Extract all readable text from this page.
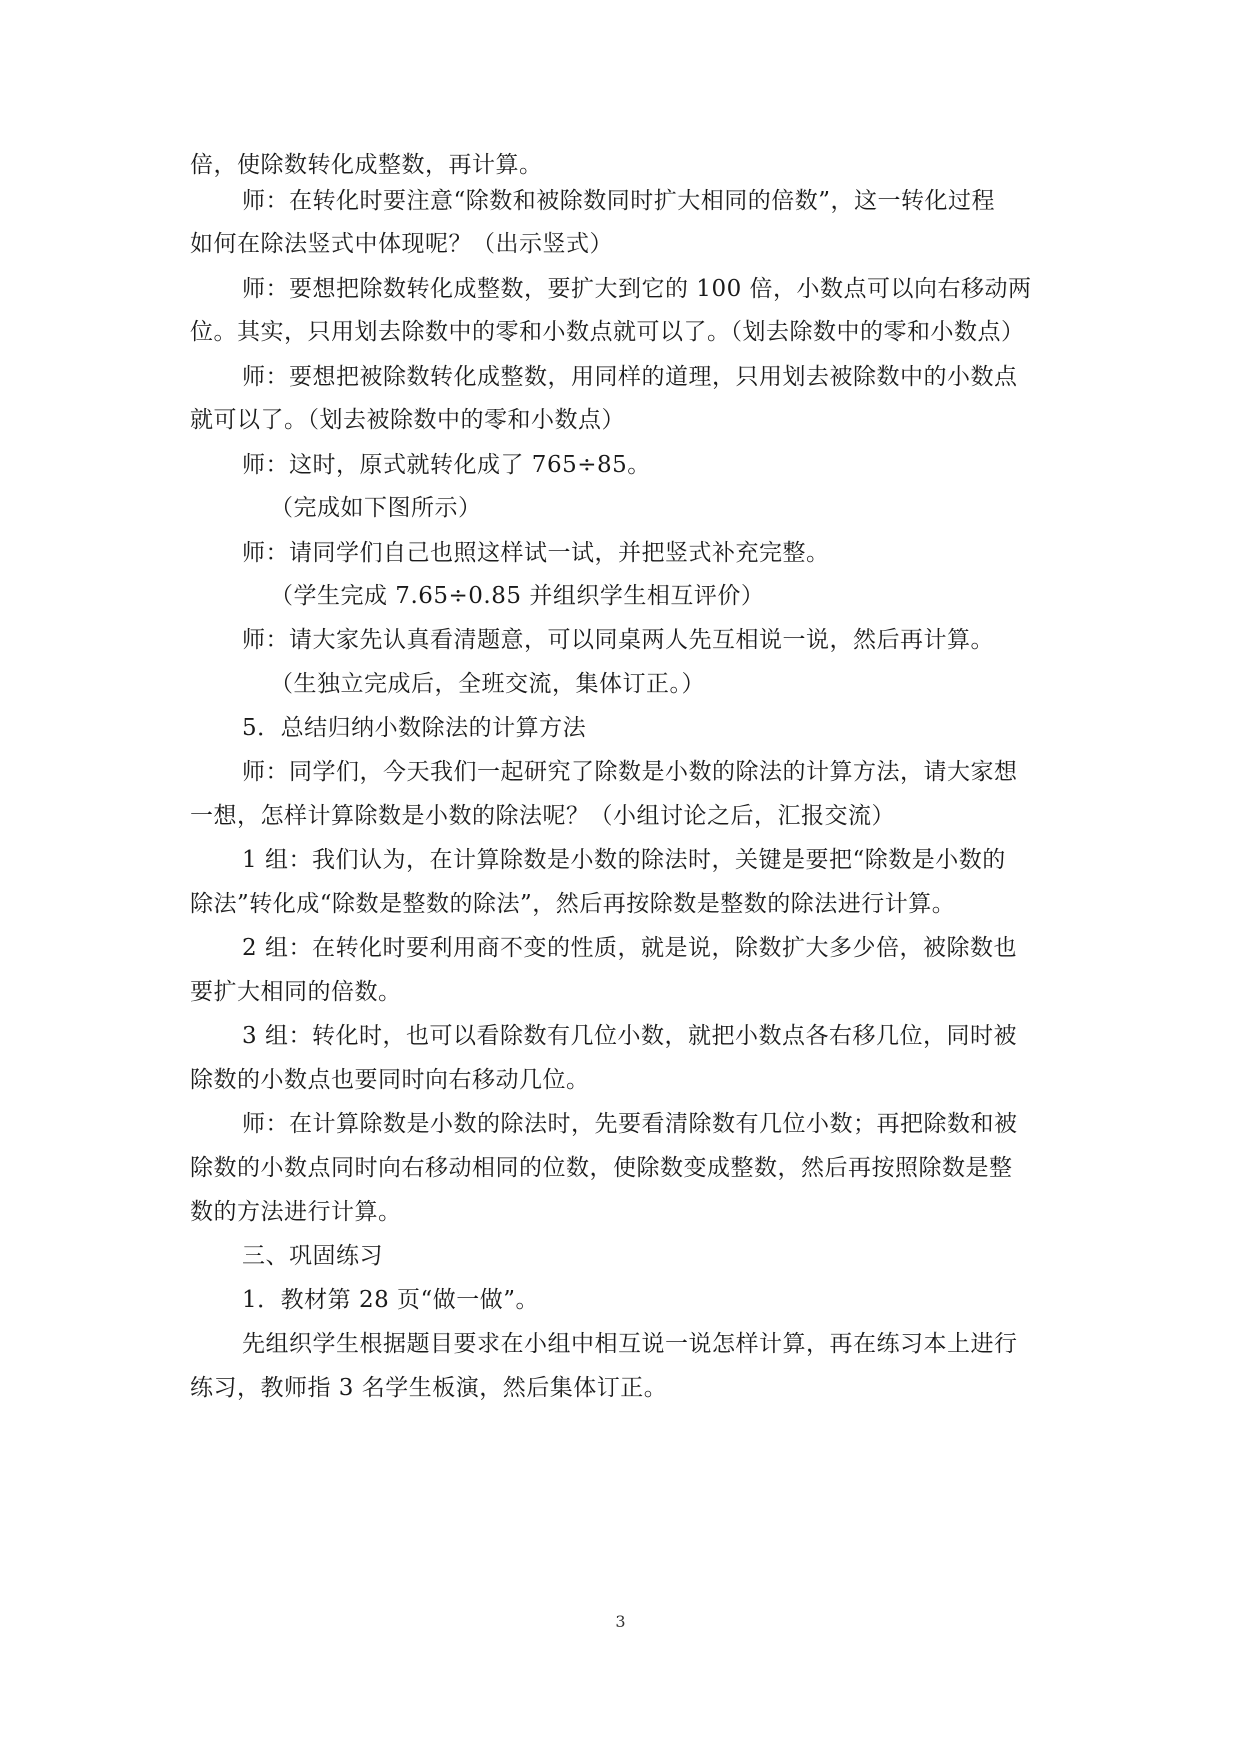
倍，使除数转化成整数，再计算。
师：在转化时要注意“除数和被除数同时扩大相同的倍数”，这一转化过程
如何在除法竖式中体现呢？（出示竖式）
师：要想把除数转化成整数，要扩大到它的 100 倍，小数点可以向右移动两
位。其实，只用划去除数中的零和小数点就可以了。（划去除数中的零和小数点）
师：要想把被除数转化成整数，用同样的道理，只用划去被除数中的小数点
就可以了。（划去被除数中的零和小数点）
师：这时，原式就转化成了 765÷85。
（完成如下图所示）
师：请同学们自己也照这样试一试，并把竖式补充完整。
（学生完成 7.65÷0.85 并组织学生相互评价）
师：请大家先认真看清题意，可以同桌两人先互相说一说，然后再计算。
（生独立完成后，全班交流，集体订正。）
5．总结归纳小数除法的计算方法
师：同学们，今天我们一起研究了除数是小数的除法的计算方法，请大家想
一想，怎样计算除数是小数的除法呢？（小组讨论之后，汇报交流）
1 组：我们认为，在计算除数是小数的除法时，关键是要把“除数是小数的
除法”转化成“除数是整数的除法”，然后再按除数是整数的除法进行计算。
2 组：在转化时要利用商不变的性质，就是说，除数扩大多少倍，被除数也
要扩大相同的倍数。
3 组：转化时，也可以看除数有几位小数，就把小数点各右移几位，同时被
除数的小数点也要同时向右移动几位。
师：在计算除数是小数的除法时，先要看清除数有几位小数；再把除数和被
除数的小数点同时向右移动相同的位数，使除数变成整数，然后再按照除数是整
数的方法进行计算。
三、巩固练习
1．教材第 28 页“做一做”。
先组织学生根据题目要求在小组中相互说一说怎样计算，再在练习本上进行
练习，教师指 3 名学生板演，然后集体订正。
3
